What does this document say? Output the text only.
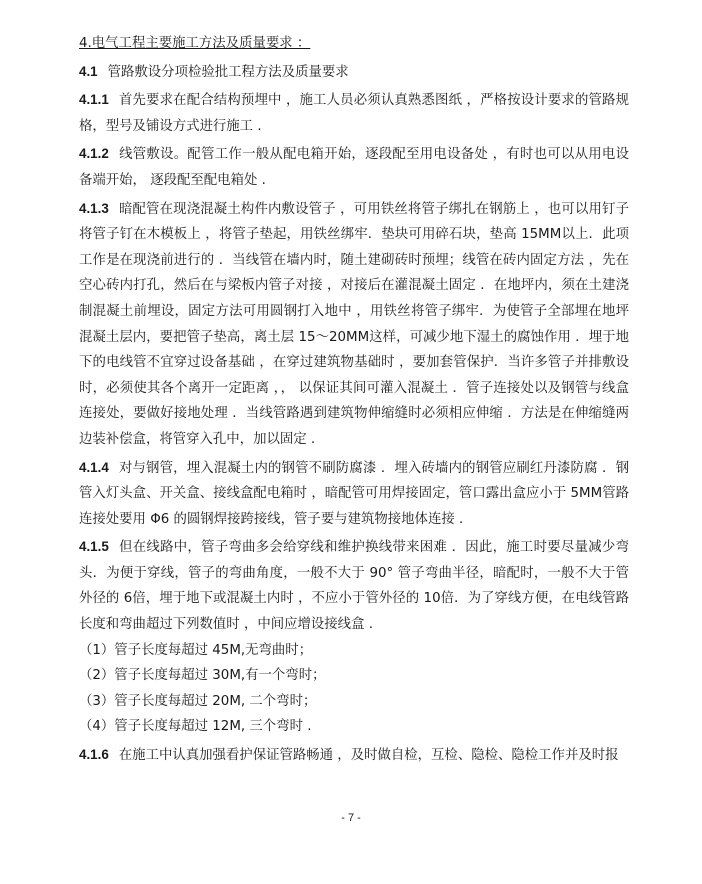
4.电气工程主要施工方法及质量要求 ：

4.1 管路敷设分项检验批工程方法及质量要求

4.1.1 首先要求在配合结构预埋中 ，施工人员必须认真熟悉图纸 ，严格按设计要求的管路规格，型号及铺设方式进行施工 .

4.1.2 线管敷设。配管工作一般从配电箱开始，逐段配至用电设备处 ，有时也可以从用电设备端开始， 逐段配至配电箱处 .

4.1.3 暗配管在现浇混凝土构件内敷设管子 ，可用铁丝将管子绑扎在钢筋上 ，也可以用钉子将管子钉在木模板上 ，将管子垫起，用铁丝绑牢．垫块可用碎石块，垫高 15MM以上．此项工作是在现浇前进行的 ．当线管在墙内时，随土建砌砖时预埋；线管在砖内固定方法 ，先在空心砖内打孔，然后在与梁板内管子对接 ，对接后在灌混凝土固定 ．在地坪内，须在土建浇制混凝土前埋设，固定方法可用圆钢打入地中 ，用铁丝将管子绑牢．为使管子全部埋在地坪混凝土层内，要把管子垫高，离土层 15～20MM这样，可减少地下湿土的腐蚀作用 ．埋于地下的电线管不宜穿过设备基础 ，在穿过建筑物基础时 ，要加套管保护．当许多管子并排敷设时，必须使其各个离开一定距离 ，， 以保证其间可灌入混凝土 ．管子连接处以及钢管与线盒连接处，要做好接地处理 ．当线管路遇到建筑物伸缩缝时必须相应伸缩 ．方法是在伸缩缝两边装补偿盒，将管穿入孔中，加以固定 .

4.1.4 对与钢管，埋入混凝土内的钢管不刷防腐漆 ．埋入砖墙内的钢管应刷红丹漆防腐 ．钢管入灯头盒、开关盒、接线盒配电箱时 ，暗配管可用焊接固定，管口露出盒应小于 5MM管路连接处要用 Φ6 的圆钢焊接跨接线，管子要与建筑物接地体连接 .

4.1.5 但在线路中，管子弯曲多会给穿线和维护换线带来困难 ．因此，施工时要尽量减少弯头．为便于穿线，管子的弯曲角度，一般不大于 90° 管子弯曲半径，暗配时，一般不大于管外径的 6倍，埋于地下或混凝土内时 ，不应小于管外径的 10倍．为了穿线方便，在电线管路长度和弯曲超过下列数值时 ，中间应增设接线盒 .

（1）管子长度每超过 45M,无弯曲时；

（2）管子长度每超过 30M,有一个弯时；

（3）管子长度每超过 20M, 二个弯时；

（4）管子长度每超过 12M, 三个弯时 .

4.1.6 在施工中认真加强看护保证管路畅通 ，及时做自检，互检、隐检、隐检工作并及时报

- 7 -
